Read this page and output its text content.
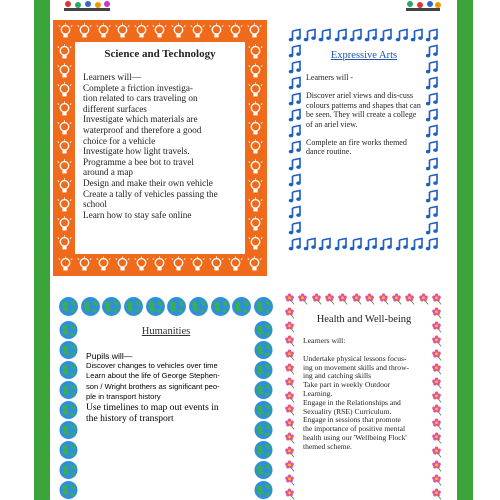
Science and Technology

Learners will—
Complete a friction investiga-
tion related to cars traveling on
different surfaces
Investigate which materials are
waterproof and therefore a good
choice for a vehicle
Investigate how light travels.
Programme a bee bot to travel
around a map
Design and make their own vehicle
Create a tally of vehicles passing the
school
Learn how to stay safe online

Expressive Arts

Learners will -
Discover ariel views and dis-cuss colours patterns and shapes that can be seen. They will create a college of an ariel view.
Complete an fire works themed dance routine.

Humanities

Pupils will—
Discover changes to vehicles over time
Learn about the life of George Stephen-
son / Wright brothers as significant peo-
ple in transport history
Use timelines to map out events in
the history of transport

Health and Well-being

Learners will:
Undertake physical lessons focus-
ing on movement skills and throw-
ing and catching skills
Take part in weekly Outdoor
Learning.
Engage in the Relationships and
Sexuality (RSE) Curriculum.
Engage in sessions that promote
the importance of positive mental
health using our 'Wellbeing Flock'
themed scheme.
